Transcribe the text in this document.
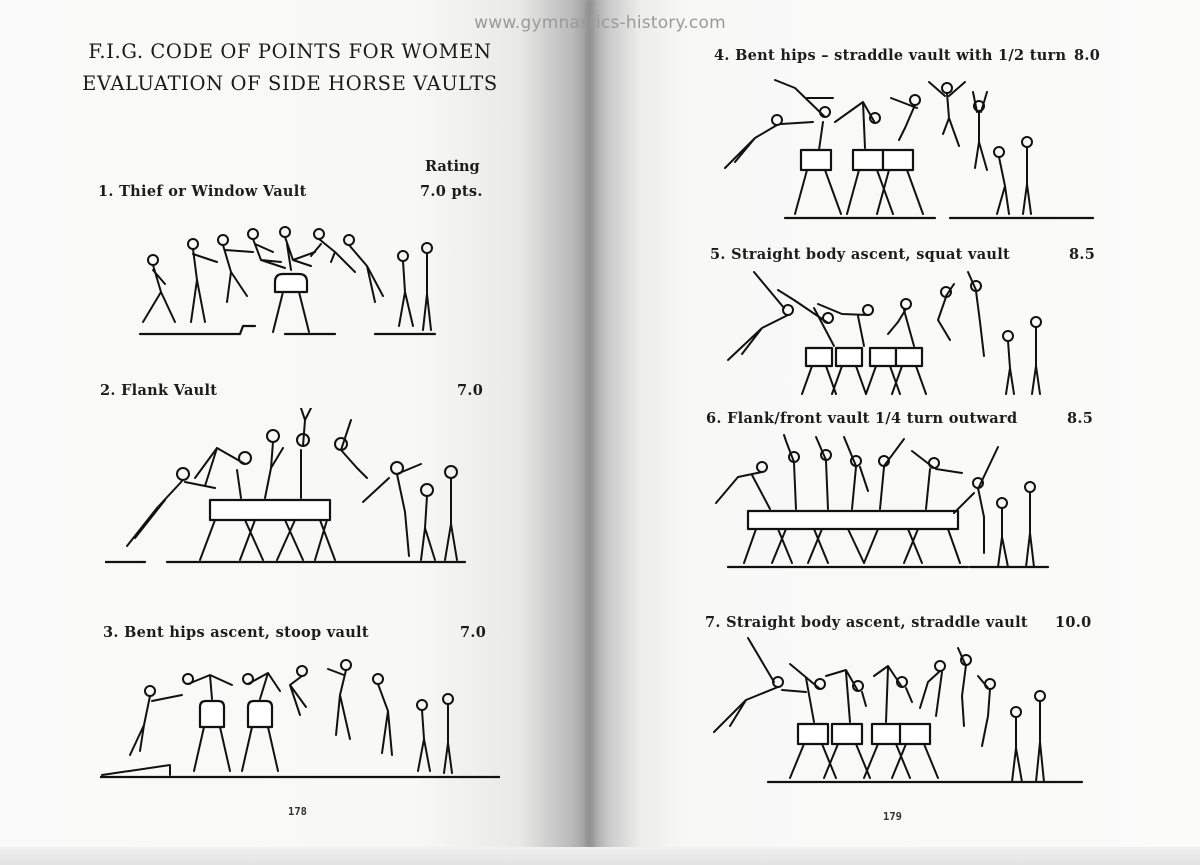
www.gymnastics-history.com
F.I.G. CODE OF POINTS FOR WOMEN
EVALUATION OF SIDE HORSE VAULTS
Rating
1. Thief or Window Vault	7.0 pts.
2. Flank Vault	7.0
3. Bent hips ascent, stoop vault	7.0
178
4. Bent hips – straddle vault with 1/2 turn 8.0
5. Straight body ascent, squat vault	8.5
6. Flank/front vault 1/4 turn outward	8.5
7. Straight body ascent, straddle vault 10.0
179
